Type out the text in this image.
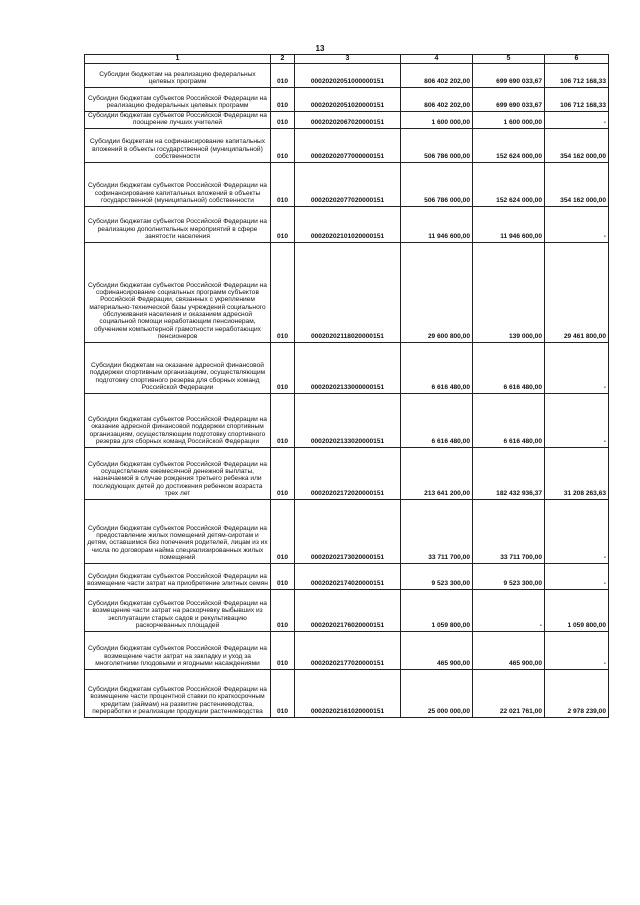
13
1	2	3	4	5	6
Субсидии бюджетам на реализацию федеральных целевых программ	010	00020202051000000151	806 402 202,00	699 690 033,67	106 712 168,33
Субсидии бюджетам субъектов Российской Федерации на реализацию федеральных целевых программ	010	00020202051020000151	806 402 202,00	699 690 033,67	106 712 168,33
Субсидии бюджетам субъектов Российской Федерации на поощрение лучших учителей	010	00020202067020000151	1 600 000,00	1 600 000,00	-
Субсидии бюджетам на софинансирование капитальных вложений в объекты государственной (муниципальной) собственности	010	00020202077000000151	506 786 000,00	152 624 000,00	354 162 000,00
Субсидии бюджетам субъектов Российской Федерации на софинансирование капитальных вложений в объекты государственной (муниципальной) собственности	010	00020202077020000151	506 786 000,00	152 624 000,00	354 162 000,00
Субсидии бюджетам субъектов Российской Федерации на реализацию дополнительных мероприятий в сфере занятости населения	010	00020202101020000151	11 946 600,00	11 946 600,00	-
Субсидии бюджетам субъектов Российской Федерации на софинансирование социальных программ субъектов Российской Федерации, связанных с укреплением материально-технической базы учреждений социального обслуживания населения и оказанием адресной социальной помощи неработающим пенсионерам, обучением компьютерной грамотности неработающих пенсионеров	010	00020202118020000151	29 600 800,00	139 000,00	29 461 800,00
Субсидии бюджетам на оказание адресной финансовой поддержки спортивным организациям, осуществляющим подготовку спортивного резерва для сборных команд Российской Федерации	010	00020202133000000151	6 616 480,00	6 616 480,00	-
Субсидии бюджетам субъектов Российской Федерации на оказание адресной финансовой поддержки спортивным организациям, осуществляющим подготовку спортивного резерва для сборных команд Российской Федерации	010	00020202133020000151	6 616 480,00	6 616 480,00	-
Субсидии бюджетам субъектов Российской Федерации на осуществление ежемесячной денежной выплаты, назначаемой в случае рождения третьего ребенка или последующих детей до достижения ребенком возраста трех лет	010	00020202172020000151	213 641 200,00	182 432 936,37	31 208 263,63
Субсидии бюджетам субъектов Российской Федерации на предоставление жилых помещений детям-сиротам и детям, оставшимся без попечения родителей, лицам из их числа по договорам найма специализированных жилых помещений	010	00020202173020000151	33 711 700,00	33 711 700,00	-
Субсидии бюджетам субъектов Российской Федерации на возмещение части затрат на приобретение элитных семян	010	00020202174020000151	9 523 300,00	9 523 300,00	-
Субсидии бюджетам субъектов Российской Федерации на возмещение части затрат на раскорчевку выбывших из эксплуатации старых садов и рекультивацию раскорчеванных площадей	010	00020202176020000151	1 059 800,00	-	1 059 800,00
Субсидии бюджетам субъектов Российской Федерации на возмещение части затрат на закладку и уход за многолетними плодовыми и ягодными насаждениями	010	00020202177020000151	465 900,00	465 900,00	-
Субсидии бюджетам субъектов Российской Федерации на возмещение части процентной ставки по краткосрочным кредитам (займам) на развитие растениеводства, переработки и реализации продукции растениеводства	010	00020202161020000151	25 000 000,00	22 021 761,00	2 978 239,00
